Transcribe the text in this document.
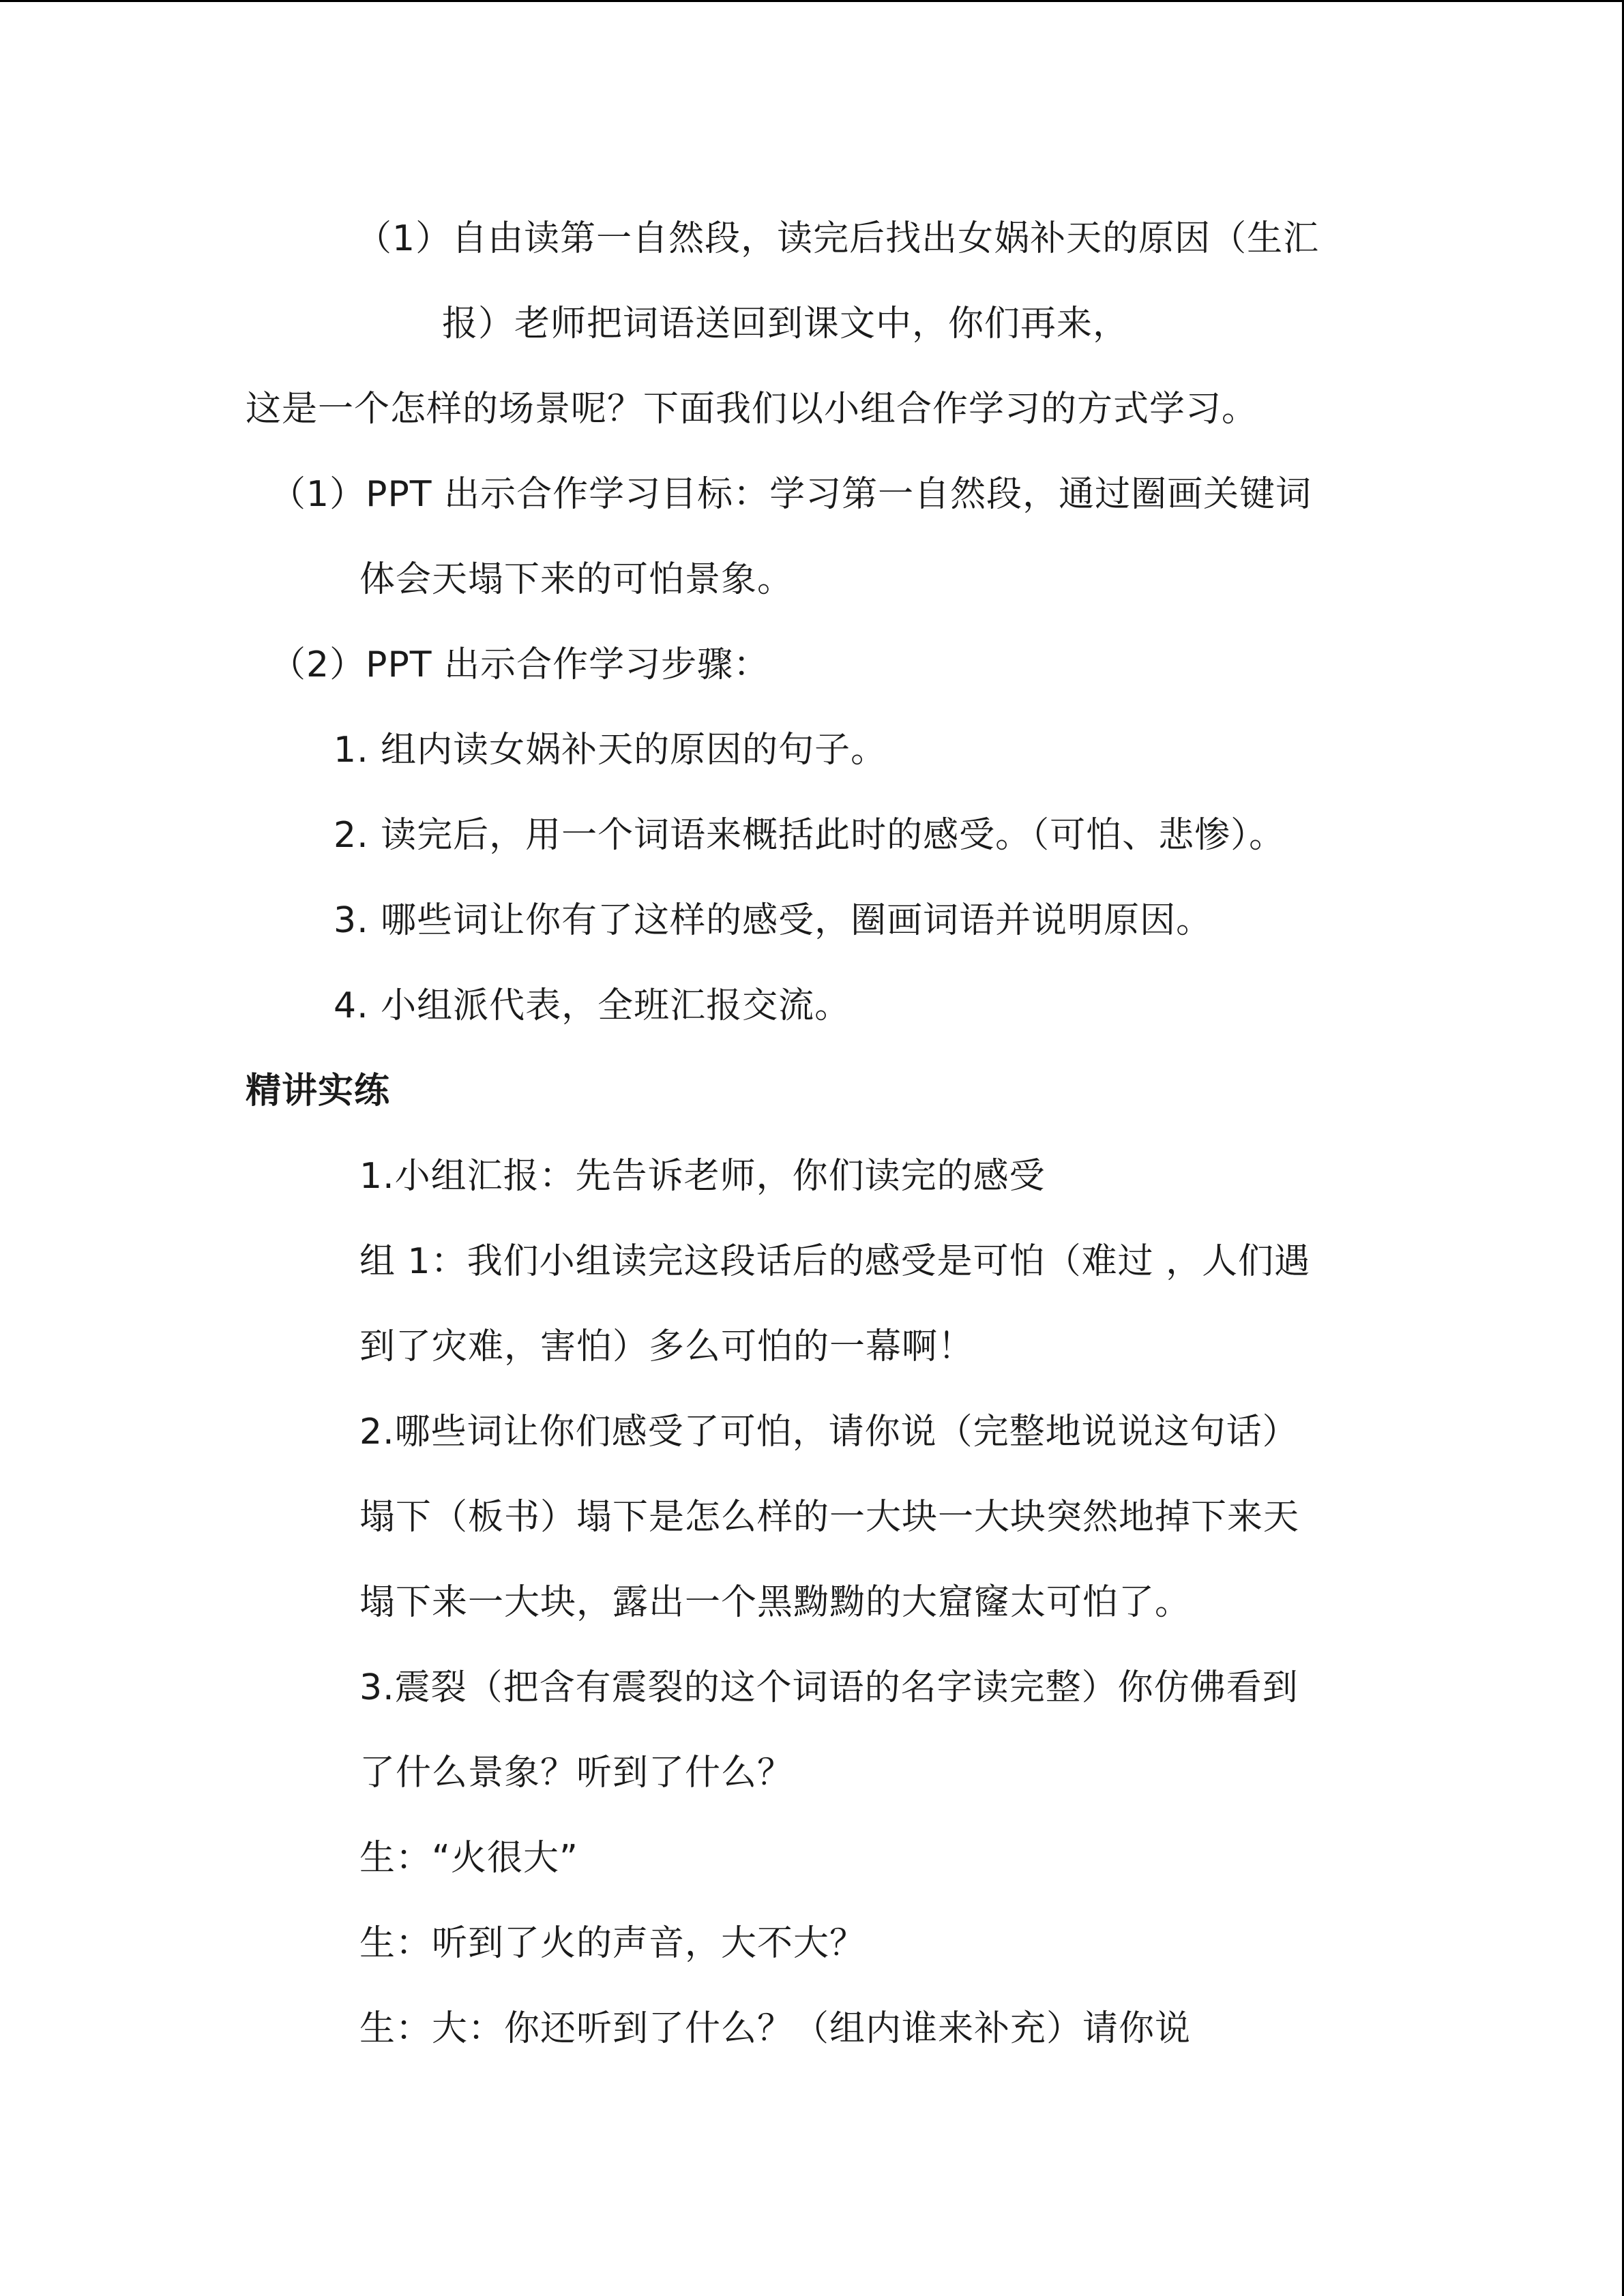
（1）自由读第一自然段，读完后找出女娲补天的原因（生汇
报）老师把词语送回到课文中，你们再来，
这是一个怎样的场景呢？下面我们以小组合作学习的方式学习。
（1）PPT 出示合作学习目标：学习第一自然段，通过圈画关键词
体会天塌下来的可怕景象。
（2）PPT 出示合作学习步骤：
1. 组内读女娲补天的原因的句子。
2. 读完后，用一个词语来概括此时的感受。（可怕、悲惨）。
3. 哪些词让你有了这样的感受，圈画词语并说明原因。
4. 小组派代表，全班汇报交流。
精讲实练
1.小组汇报：先告诉老师，你们读完的感受
组 1：我们小组读完这段话后的感受是可怕（难过 ，人们遇
到了灾难，害怕）多么可怕的一幕啊！
2.哪些词让你们感受了可怕，请你说（完整地说说这句话）
塌下（板书）塌下是怎么样的一大块一大块突然地掉下来天
塌下来一大块，露出一个黑黝黝的大窟窿太可怕了。
3.震裂（把含有震裂的这个词语的名字读完整）你仿佛看到
了什么景象？听到了什么？
生：“火很大”
生：听到了火的声音，大不大？
生：大：你还听到了什么？（组内谁来补充）请你说
